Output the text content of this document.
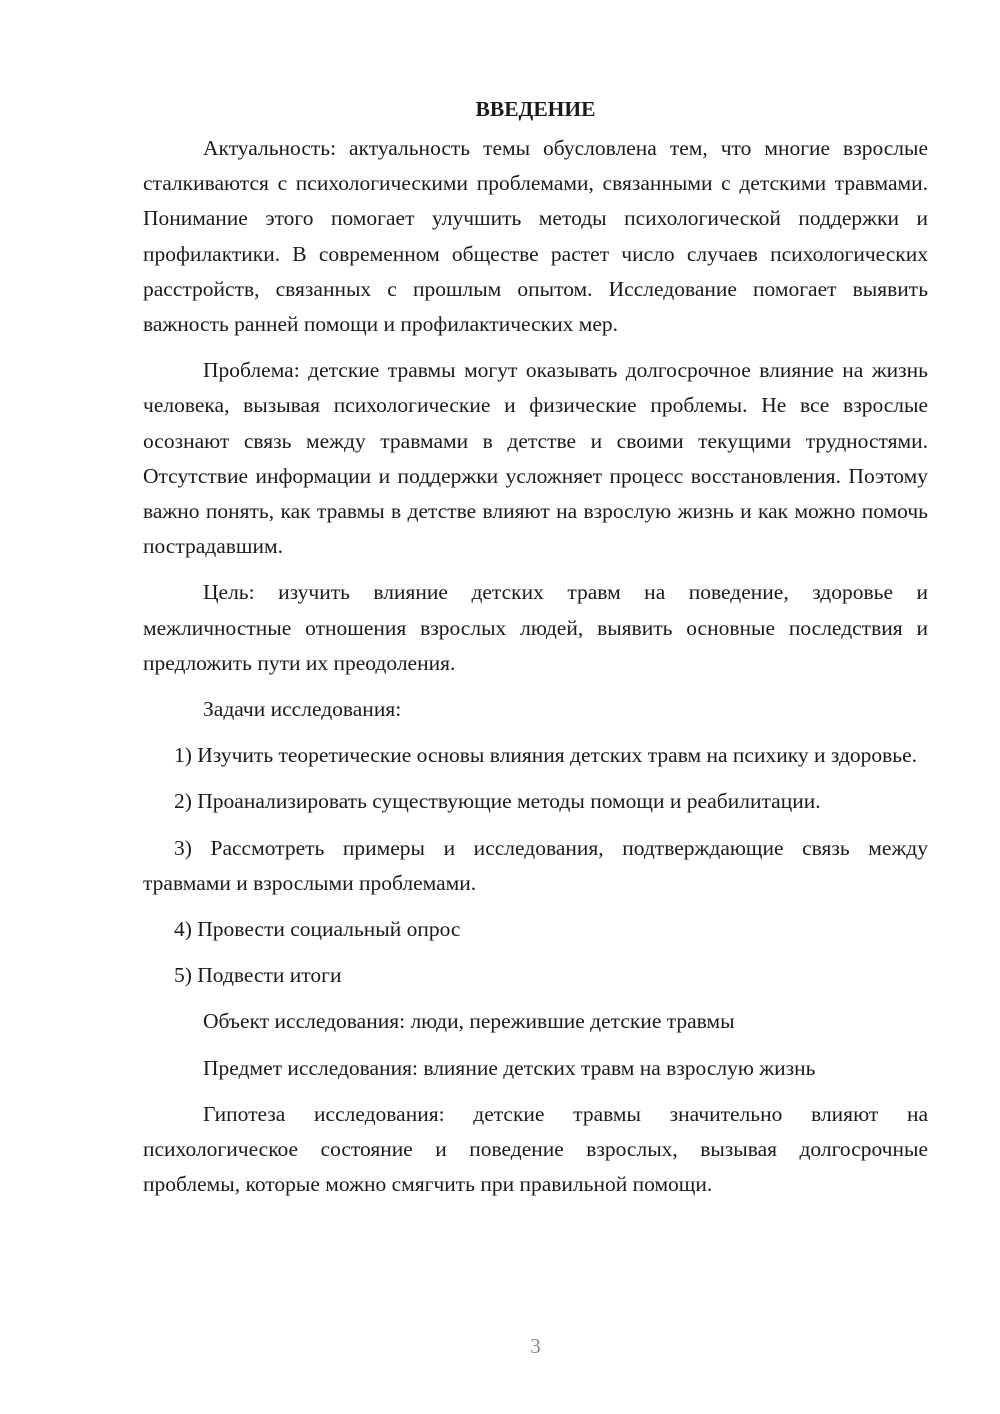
ВВЕДЕНИЕ

Актуальность: актуальность темы обусловлена тем, что многие взрослые сталкиваются с психологическими проблемами, связанными с детскими травмами. Понимание этого помогает улучшить методы психологической поддержки и профилактики. В современном обществе растет число случаев психологических расстройств, связанных с прошлым опытом. Исследование помогает выявить важность ранней помощи и профилактических мер.

Проблема: детские травмы могут оказывать долгосрочное влияние на жизнь человека, вызывая психологические и физические проблемы. Не все взрослые осознают связь между травмами в детстве и своими текущими трудностями. Отсутствие информации и поддержки усложняет процесс восстановления. Поэтому важно понять, как травмы в детстве влияют на взрослую жизнь и как можно помочь пострадавшим.

Цель: изучить влияние детских травм на поведение, здоровье и межличностные отношения взрослых людей, выявить основные последствия и предложить пути их преодоления.

Задачи исследования:

1) Изучить теоретические основы влияния детских травм на психику и здоровье.

2) Проанализировать существующие методы помощи и реабилитации.

3) Рассмотреть примеры и исследования, подтверждающие связь между травмами и взрослыми проблемами.

4) Провести социальный опрос

5) Подвести итоги

Объект исследования: люди, пережившие детские травмы

Предмет исследования: влияние детских травм на взрослую жизнь

Гипотеза исследования: детские травмы значительно влияют на психологическое состояние и поведение взрослых, вызывая долгосрочные проблемы, которые можно смягчить при правильной помощи.

3
